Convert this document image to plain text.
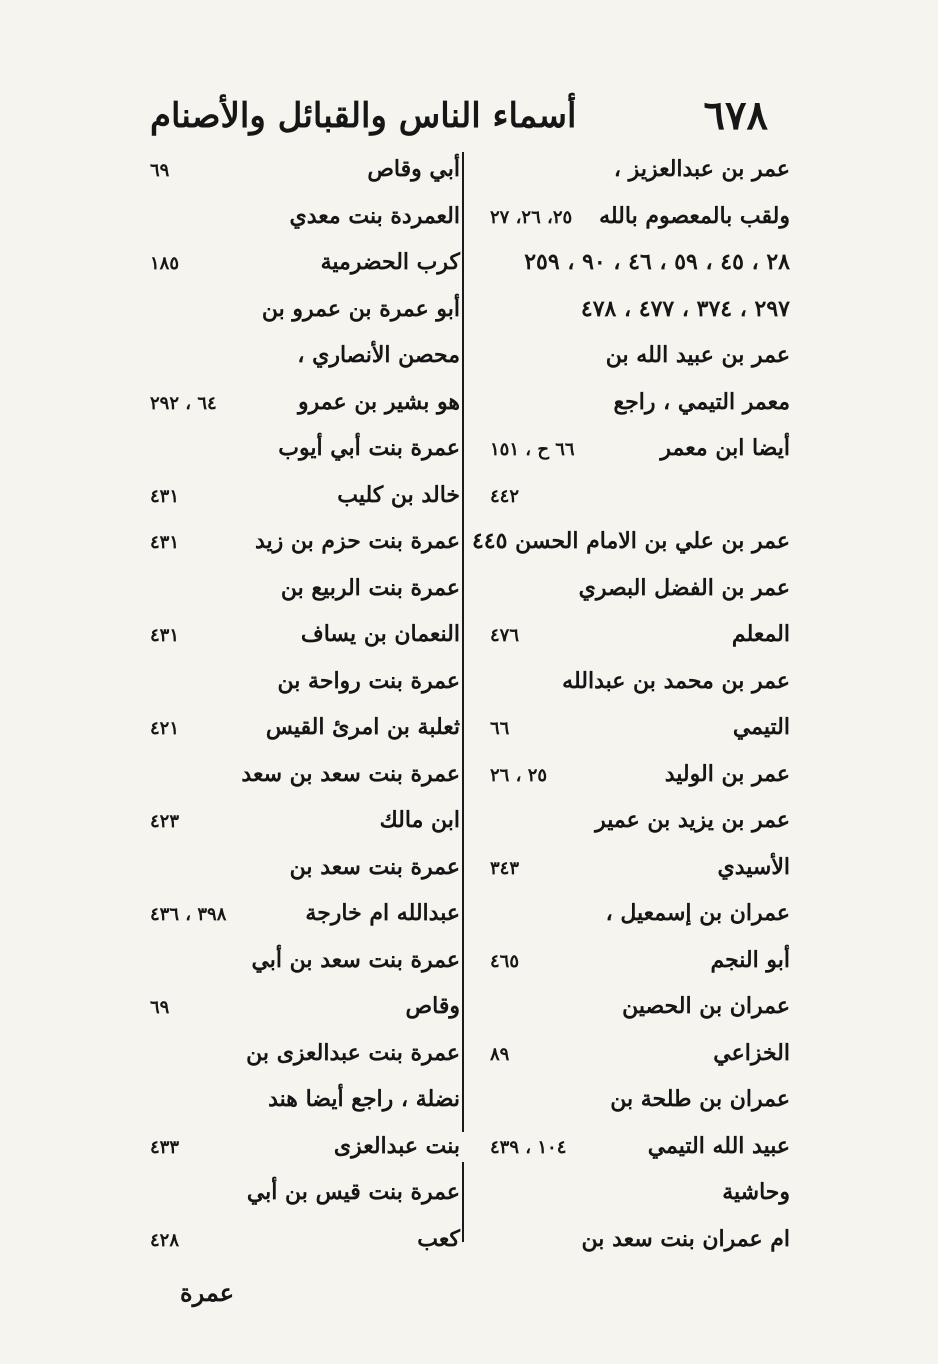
٦٧٨
أسماء الناس والقبائل والأصنام
عمر بن عبدالعزيز ،
ولقب بالمعصوم بالله
٢٥، ٢٦، ٢٧
٢٨ ، ٤٥ ، ٥٩ ، ٤٦ ، ٩٠ ، ٢٥٩
٢٩٧ ، ٣٧٤ ، ٤٧٧ ، ٤٧٨
عمر بن عبيد الله بن
معمر التيمي ، راجع
أيضا ابن معمر
٦٦ ح ، ١٥١
٤٤٢
عمر بن علي بن الامام الحسن ٤٤٥
عمر بن الفضل البصري
المعلم
٤٧٦
عمر بن محمد بن عبدالله
التيمي
٦٦
عمر بن الوليد
٢٥ ، ٢٦
عمر بن يزيد بن عمير
الأسيدي
٣٤٣
عمران بن إسمعيل ،
أبو النجم
٤٦٥
عمران بن الحصين
الخزاعي
٨٩
عمران بن طلحة بن
عبيد الله التيمي
١٠٤ ، ٤٣٩
وحاشية
ام عمران بنت سعد بن
أبي وقاص
٦٩
العمردة بنت معدي
كرب الحضرمية
١٨٥
أبو عمرة بن عمرو بن
محصن الأنصاري ،
هو بشير بن عمرو
٦٤ ، ٢٩٢
عمرة بنت أبي أيوب
خالد بن كليب
٤٣١
عمرة بنت حزم بن زيد
٤٣١
عمرة بنت الربيع بن
النعمان بن يساف
٤٣١
عمرة بنت رواحة بن
ثعلبة بن امرئ القيس
٤٢١
عمرة بنت سعد بن سعد
ابن مالك
٤٢٣
عمرة بنت سعد بن
عبدالله ام خارجة
٣٩٨ ، ٤٣٦
عمرة بنت سعد بن أبي
وقاص
٦٩
عمرة بنت عبدالعزى بن
نضلة ، راجع أيضا هند
بنت عبدالعزى
٤٣٣
عمرة بنت قيس بن أبي
كعب
٤٢٨
عمرة
